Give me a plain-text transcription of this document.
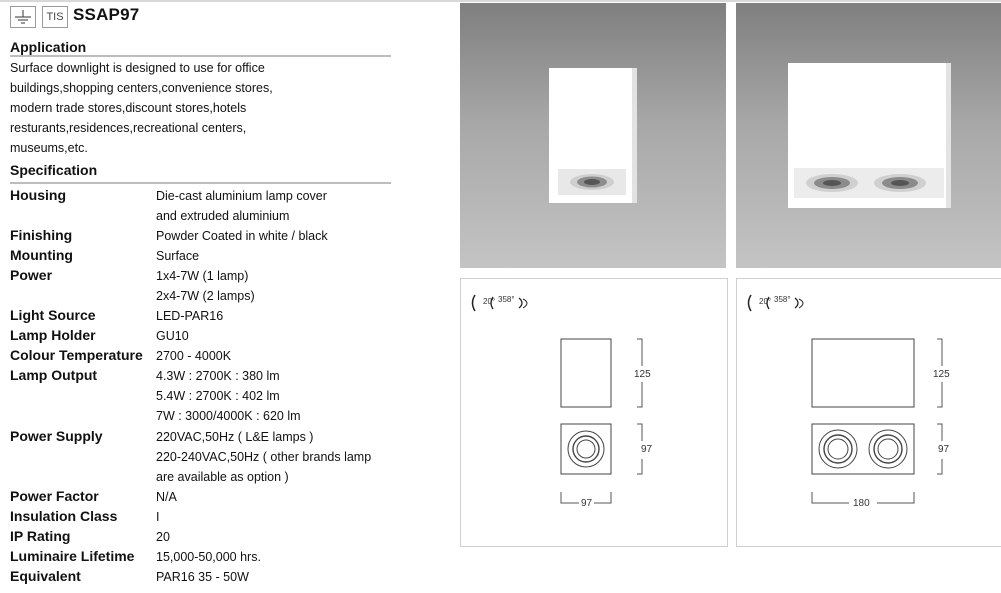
TIS SSAP97
Application
Surface downlight is designed to use for office
buildings,shopping centers,convenience stores,
modern trade stores,discount stores,hotels
resturants,residences,recreational centers,
museums,etc.
Specification
Housing	Die-cast aluminium lamp cover
and extruded aluminium
Finishing	Powder Coated in white / black
Mounting	Surface
Power	1x4-7W (1 lamp)
2x4-7W (2 lamps)
Light Source	LED-PAR16
Lamp Holder	GU10
Colour Temperature 2700 - 4000K
Lamp Output	4.3W : 2700K : 380 lm
5.4W : 2700K : 402 lm
7W : 3000/4000K : 620 lm
Power Supply	220VAC,50Hz ( L&E lamps )
220-240VAC,50Hz ( other brands lamp
are available as option )
Power Factor	N/A
Insulation Class	I
IP Rating	20
Luminaire Lifetime 15,000-50,000 hrs.
Equivalent	PAR16 35 - 50W
20° 358°
125
97
97
20° 358°
125
97
180
